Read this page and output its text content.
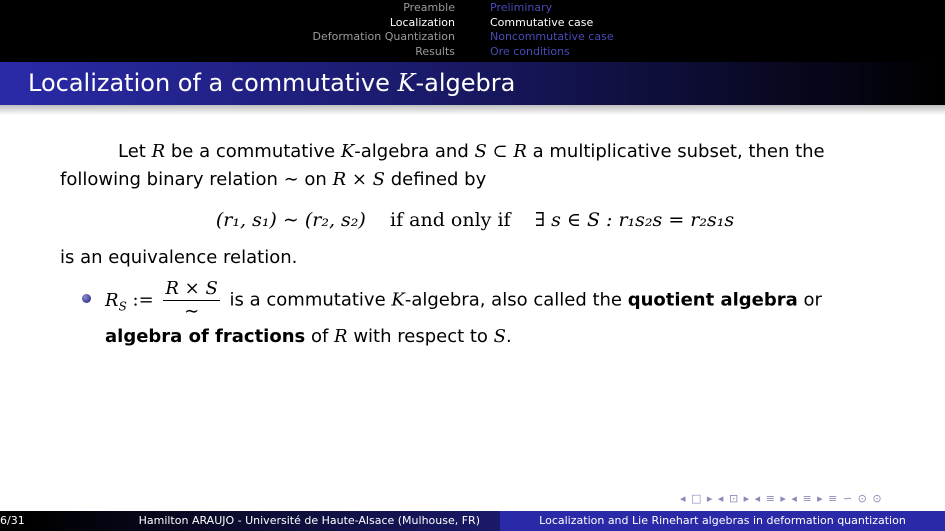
Preamble
Localization
Deformation Quantization
Results
Preliminary
Commutative case
Noncommutative case
Ore conditions
Localization of a commutative K-algebra

Let R be a commutative K-algebra and S ⊂ R a multiplicative subset, then the following binary relation ∼ on R × S defined by

(r₁, s₁) ∼ (r₂, s₂) if and only if ∃ s ∈ S : r₁s₂s = r₂s₁s

is an equivalence relation.

$R_S$ := $\frac{R \times S}{\sim}$ is a commutative K-algebra, also called the quotient algebra or algebra of fractions of R with respect to S.
◂ □ ▸ ◂ ⊡ ▸ ◂ ≡ ▸ ◂ ≡ ▸ ≡ ∽ ⊙ ⊙
6/31	Hamilton ARAUJO - Université de Haute-Alsace (Mulhouse, FR)	Localization and Lie Rinehart algebras in deformation quantization
